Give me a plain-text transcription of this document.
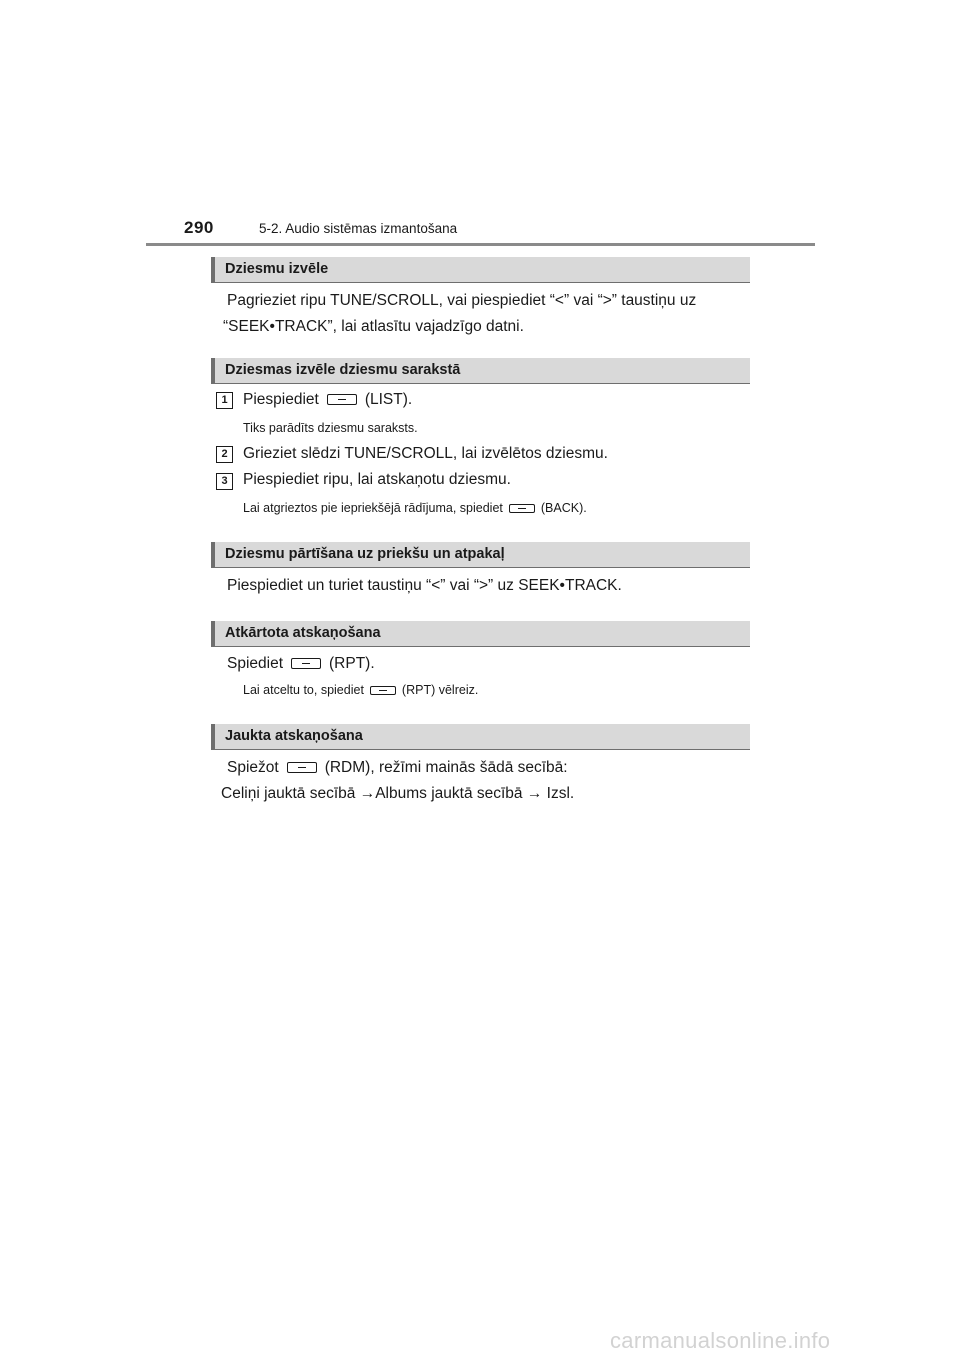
290	5-2. Audio sistēmas izmantošana
Dziesmu izvēle
Pagrieziet ripu TUNE/SCROLL, vai piespiediet “<” vai “>” taustiņu uz
“SEEK•TRACK”, lai atlasītu vajadzīgo datni.
Dziesmas izvēle dziesmu sarakstā
1 Piespiediet	(LIST).
Tiks parādīts dziesmu saraksts.
2 Grieziet slēdzi TUNE/SCROLL, lai izvēlētos dziesmu.
3 Piespiediet ripu, lai atskaņotu dziesmu.
Lai atgrieztos pie iepriekšējā rādījuma, spiediet	(BACK).
Dziesmu pārtīšana uz priekšu un atpakaļ
Piespiediet un turiet taustiņu “<” vai “>” uz SEEK•TRACK.
Atkārtota atskaņošana
Spiediet	(RPT).
Lai atceltu to, spiediet	(RPT) vēlreiz.
Jaukta atskaņošana
Spiežot	(RDM), režīmi mainās šādā secībā:
Celiņi jauktā secībā →Albums jauktā secībā → Izsl.
carmanualsonline.info
